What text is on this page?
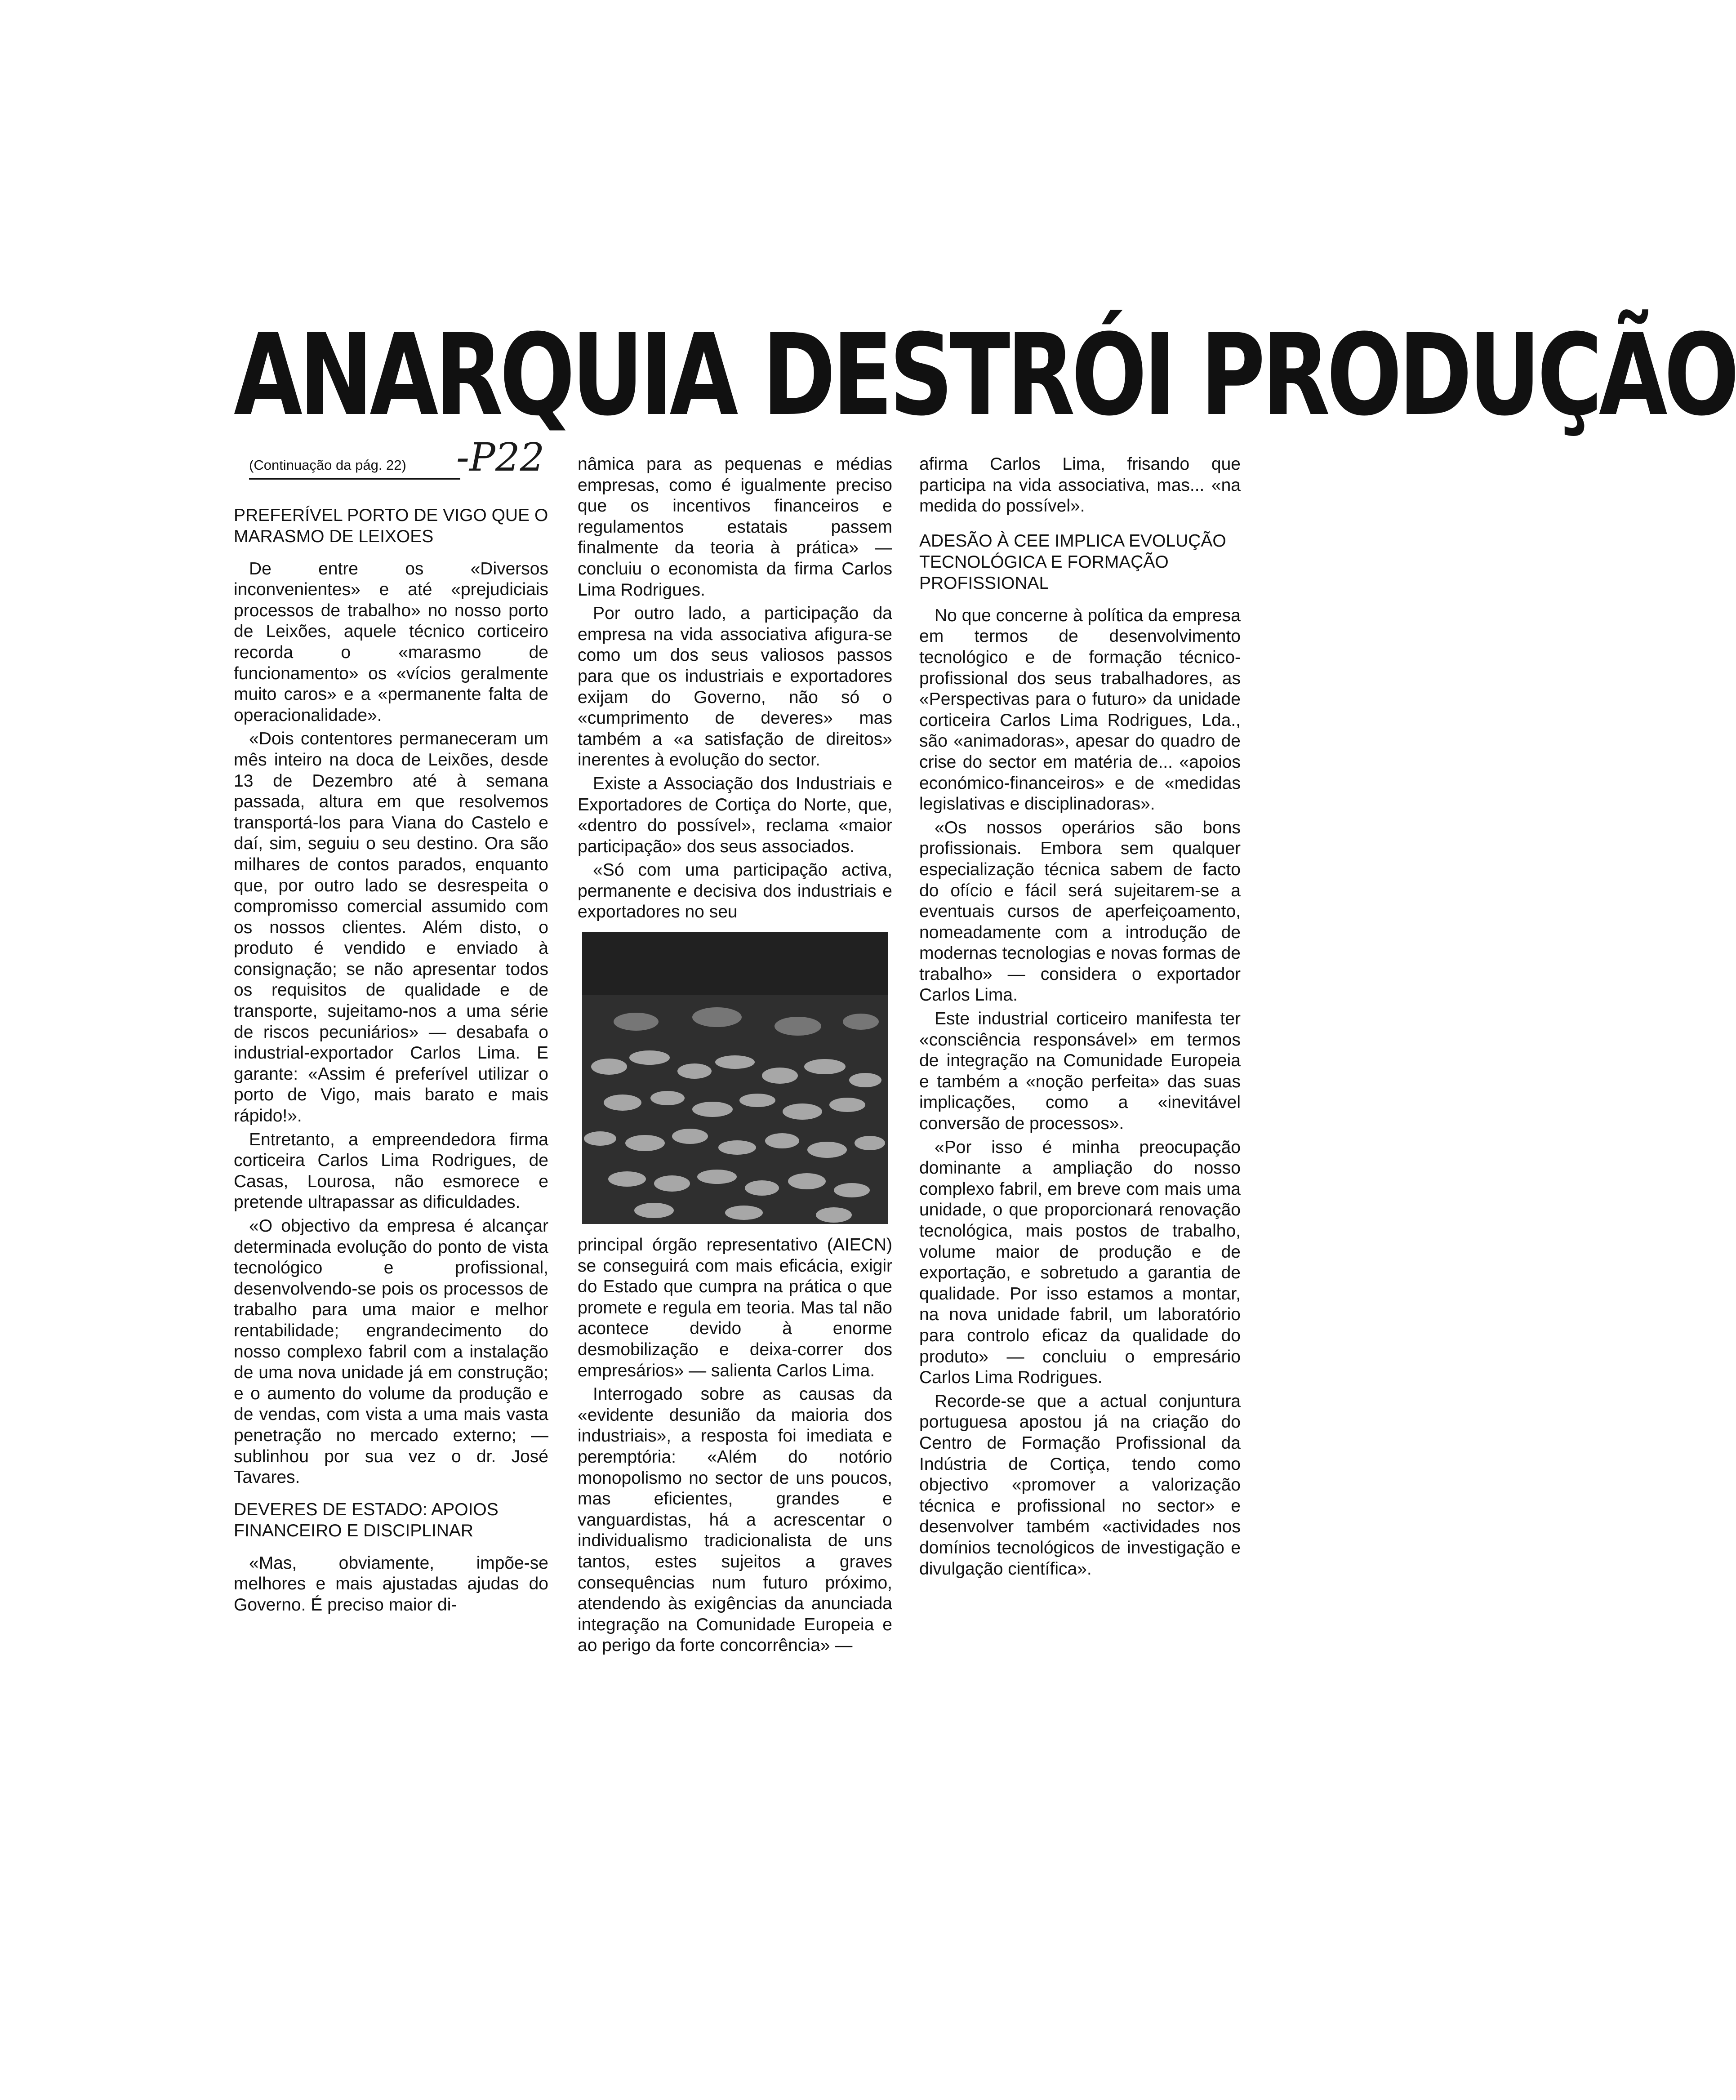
ANARQUIA DESTRÓI PRODUÇÃO
-P22

(Continuação da pág. 22)

PREFERÍVEL PORTO DE VIGO QUE O MARASMO DE LEIXOES

De entre os «Diversos inconvenientes» e até «prejudiciais processos de trabalho» no nosso porto de Leixões, aquele técnico corticeiro recorda o «marasmo de funcionamento» os «vícios geralmente muito caros» e a «permanente falta de operacionalidade».

«Dois contentores permaneceram um mês inteiro na doca de Leixões, desde 13 de Dezembro até à semana passada, altura em que resolvemos transportá-los para Viana do Castelo e daí, sim, seguiu o seu destino. Ora são milhares de contos parados, enquanto que, por outro lado se desrespeita o compromisso comercial assumido com os nossos clientes. Além disto, o produto é vendido e enviado à consignação; se não apresentar todos os requisitos de qualidade e de transporte, sujeitamo-nos a uma série de riscos pecuniários» — desabafa o industrial-exportador Carlos Lima. E garante: «Assim é preferível utilizar o porto de Vigo, mais barato e mais rápido!».

Entretanto, a empreendedora firma corticeira Carlos Lima Rodrigues, de Casas, Lourosa, não esmorece e pretende ultrapassar as dificuldades.

«O objectivo da empresa é alcançar determinada evolução do ponto de vista tecnológico e profissional, desenvolvendo-se pois os processos de trabalho para uma maior e melhor rentabilidade; engrandecimento do nosso complexo fabril com a instalação de uma nova unidade já em construção; e o aumento do volume da produção e de vendas, com vista a uma mais vasta penetração no mercado externo; — sublinhou por sua vez o dr. José Tavares.

DEVERES DE ESTADO: APOIOS FINANCEIRO E DISCIPLINAR

«Mas, obviamente, impõe-se melhores e mais ajustadas ajudas do Governo. É preciso maior di-

nâmica para as pequenas e médias empresas, como é igualmente preciso que os incentivos financeiros e regulamentos estatais passem finalmente da teoria à prática» — concluiu o economista da firma Carlos Lima Rodrigues.

Por outro lado, a participação da empresa na vida associativa afigura-se como um dos seus valiosos passos para que os industriais e exportadores exijam do Governo, não só o «cumprimento de deveres» mas também a «a satisfação de direitos» inerentes à evolução do sector.

Existe a Associação dos Industriais e Exportadores de Cortiça do Norte, que, «dentro do possível», reclama «maior participação» dos seus associados.

«Só com uma participação activa, permanente e decisiva dos industriais e exportadores no seu

principal órgão representativo (AIECN) se conseguirá com mais eficácia, exigir do Estado que cumpra na prática o que promete e regula em teoria. Mas tal não acontece devido à enorme desmobilização e deixa-correr dos empresários» — salienta Carlos Lima.

Interrogado sobre as causas da «evidente desunião da maioria dos industriais», a resposta foi imediata e peremptória: «Além do notório monopolismo no sector de uns poucos, mas eficientes, grandes e vanguardistas, há a acrescentar o individualismo tradicionalista de uns tantos, estes sujeitos a graves consequências num futuro próximo, atendendo às exigências da anunciada integração na Comunidade Europeia e ao perigo da forte concorrência» —

afirma Carlos Lima, frisando que participa na vida associativa, mas... «na medida do possível».

ADESÃO À CEE IMPLICA EVOLUÇÃO TECNOLÓGICA E FORMAÇÃO PROFISSIONAL

No que concerne à política da empresa em termos de desenvolvimento tecnológico e de formação técnico-profissional dos seus trabalhadores, as «Perspectivas para o futuro» da unidade corticeira Carlos Lima Rodrigues, Lda., são «animadoras», apesar do quadro de crise do sector em matéria de... «apoios económico-financeiros» e de «medidas legislativas e disciplinadoras».

«Os nossos operários são bons profissionais. Embora sem qualquer especialização técnica sabem de facto do ofício e fácil será sujeitarem-se a eventuais cursos de aperfeiçoamento, nomeadamente com a introdução de modernas tecnologias e novas formas de trabalho» — considera o exportador Carlos Lima.

Este industrial corticeiro manifesta ter «consciência responsável» em termos de integração na Comunidade Europeia e também a «noção perfeita» das suas implicações, como a «inevitável conversão de processos».

«Por isso é minha preocupação dominante a ampliação do nosso complexo fabril, em breve com mais uma unidade, o que proporcionará renovação tecnológica, mais postos de trabalho, volume maior de produção e de exportação, e sobretudo a garantia de qualidade. Por isso estamos a montar, na nova unidade fabril, um laboratório para controlo eficaz da qualidade do produto» — concluiu o empresário Carlos Lima Rodrigues.

Recorde-se que a actual conjuntura portuguesa apostou já na criação do Centro de Formação Profissional da Indústria de Cortiça, tendo como objectivo «promover a valorização técnica e profissional no sector» e desenvolver também «actividades nos domínios tecnológicos de investigação e divulgação científica».
